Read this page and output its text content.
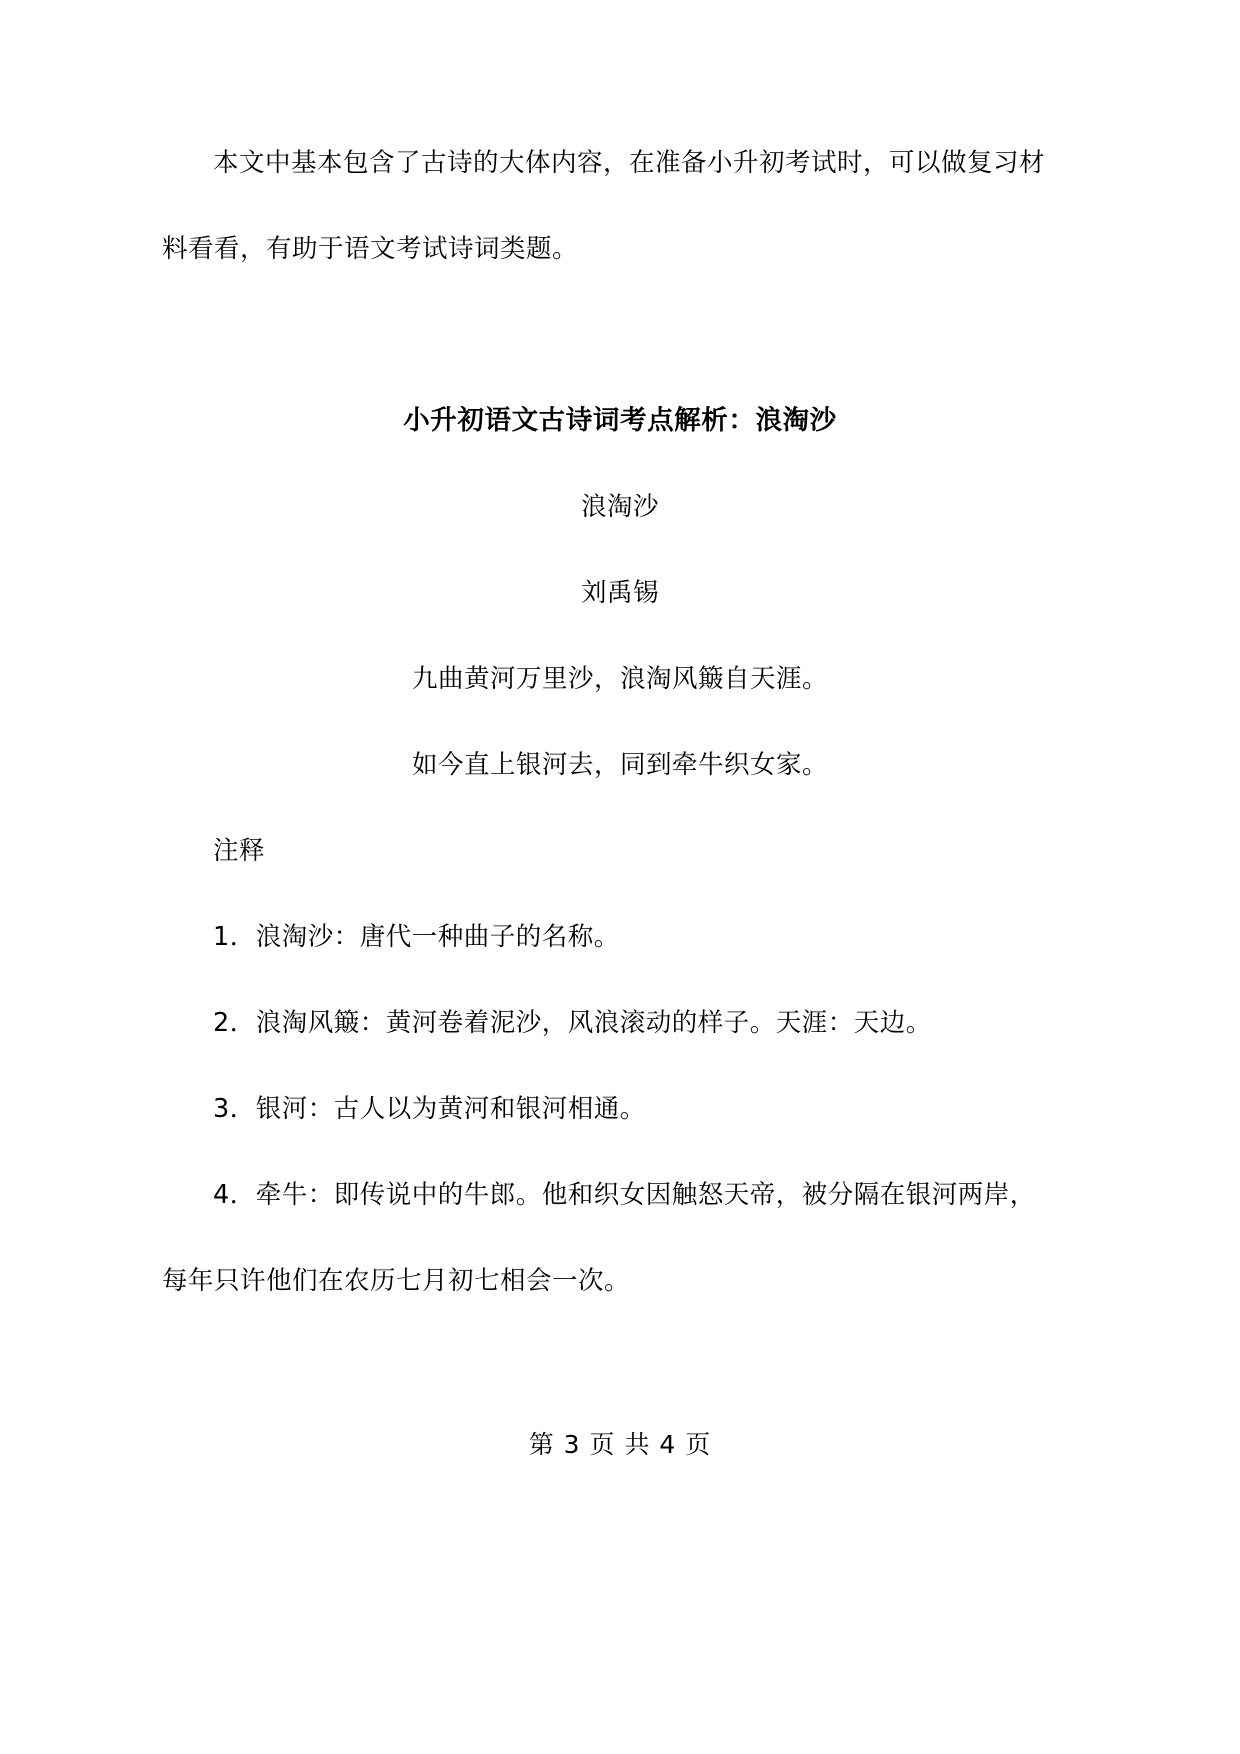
本文中基本包含了古诗的大体内容，在准备小升初考试时，可以做复习材
料看看，有助于语文考试诗词类题。
小升初语文古诗词考点解析：浪淘沙
浪淘沙
刘禹锡
九曲黄河万里沙，浪淘风簸自天涯。
如今直上银河去，同到牵牛织女家。
注释
1．浪淘沙：唐代一种曲子的名称。
2．浪淘风簸：黄河卷着泥沙，风浪滚动的样子。天涯：天边。
3．银河：古人以为黄河和银河相通。
4．牵牛：即传说中的牛郎。他和织女因触怒天帝，被分隔在银河两岸，
每年只许他们在农历七月初七相会一次。
第 3 页 共 4 页
